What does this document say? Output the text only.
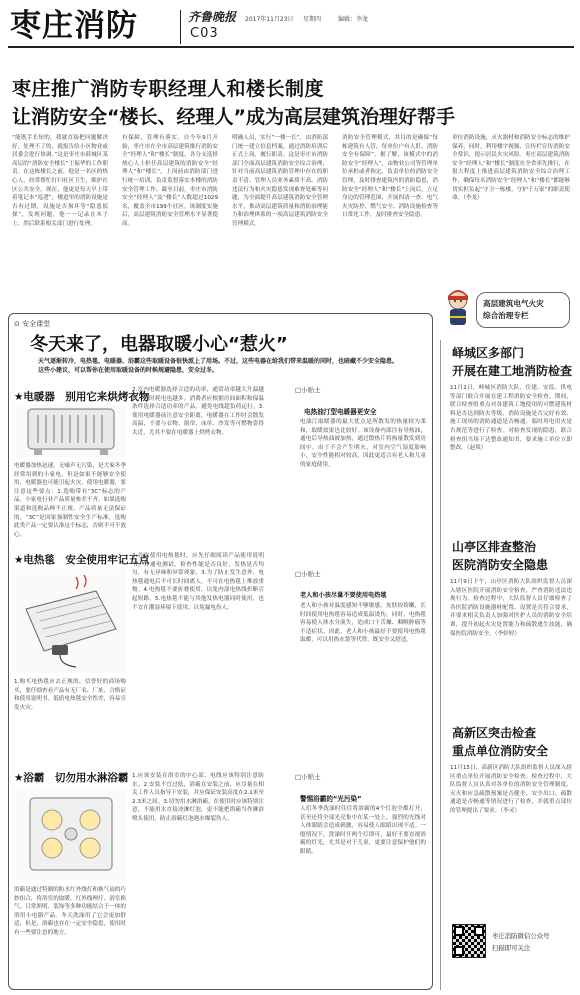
枣庄消防	齐鲁晚报
C03
2017年11月23日 星期四	编辑：李龙
枣庄推广消防专职经理人和楼长制度
让消防安全“楼长、经理人”成为高层建筑治理好帮手
“能既手长短的，我就直接把问题解决好；处理不了的，就报告给小区物业或居委会进行协调。”这是枣庄市薛城区某高层的“消防安全楼长”王振华的工作职责。在这栋楼长之前，他是一名区的热心人，经常帮忙打扫社区卫生，维护社区公共安全。现在，他更是每天早上带着笔记本“巡逻”，楼道里的消防设施是否有过期，设施是否损坏等“隐患侦探”，发现问题，他一一记录在本子上，然后联系相关部门进行处理。
有保障，管理有落实。自今年9月开始，枣庄市在全市高层建筑推行消防安全“经理人”和“楼长”制度。各分支选择热心人士担任高层建筑的消防安全“经理人”和“楼长”，上岗前由消防部门进行统一培训，负责监督落实本楼的消防安全管理工作。截至目前，枣庄市消防安全“经理人”及“楼长”人数超过1029名，覆盖全市199个社区。该制度实施后，高层建筑消防安全管理水平显著提高。
明确人员，实行“一楼一长”，由消防部门统一建立信息档案，通过消防培训后正式上岗，履行职责。这是枣庄市消防部门全面高层建筑消防安全综合治理，针对当前高层建筑消防管理中存在的职责不清、管理人员业务素质不高、消防违法行为和火灾隐患发现难查处难等问题，为全面提升高层建筑消防安全管理水平，推动高层建筑质量和消防治理能力和治理体系的一项高层建筑消防安全管理模式。
消防安全管理模式，其目的是确保“每栋建筑有人管，每单位户有人盯，消防安全有保障”。据了解，该模式中的消防安全“经理人”，由物业公司等管理单位承担或者指定，负责单位的消防安全管理，及时排查建筑内的消防隐患，消防安全“经理人”和“楼长”上岗后，立足身边的管理范围，开展四清一查、电气火灾防控、燃气安全、消防设施检查等日常化工作，及时排查安全隐患。
单位消防设施，灭火器材和消防安全标志的维护保养，同时，利用楼宇视频、宣传栏宣传消防安全常识，提示居民火灾风险。枣庄高层建筑消防安全“经理人”和“楼长”制度在全省率先推行，在很大程度上推进高层建筑消防安全综合治理工作，确保每名消防安全“经理人”和“楼长”都能够切实担负起“守卫一栋楼、守护千万家”的职责使命。（李龙）
高层建筑电气火灾
综合治理专栏
⊙ 安全课堂
冬天来了，电器取暖小心“惹火”
天气逐渐转冷，电热毯、电暖器、浴霸这些取暖设备很快派上了用场。不过，这些电器在给我们带来温暖的同时，也暗藏不少安全隐患。这些小建议，可以帮你在使用取暖设备的时候规避隐患，安全过冬。
★电暖器　别用它来烘烤衣物
电暖器加热迅速，无噪声无污染，是大家冬季经常用到的小家电。但是如果不能够安全使用，电暖器也可能引起火灾。使用电暖器，要注意这些要点：1.选购带有“3C”标志的产品。小家电行业产品质量参差不齐，如果选购渠道和选购品种不正规，产品质量无法保证的。“3C”是国家强制性安全生产标准，选购此类产品一定要认准这个标志，否则不可不放心。
2.室内电暖器选择合适的功率，通常功率越大升温越快，同时耗电也越多。消费者应根据房间面积和保温条件选择合适功率的产品，避免电线超负荷运行。3.使用电暖器前注意安全距离，电暖器在工作时会散发高温，不要与衣物、窗帘、床单、沙发等可燃物靠得太近，尤其不要在电暖器上烘烤衣物。
□小贴士
电热油汀型电暖器更安全
电油汀取暖器的最大优点是所散发的热量较为柔和，取暖效果也比较好。该设备内部注有导热油，通电后导热油被加热，通过散热片将热量散发到房间中。由于不会产生明火，对室内空气湿度影响小，安全性能相对较高，因此更适合有老人和儿童的家庭使用。
★电热毯　安全使用牢记五点
1.购买电热毯应去正规的、信誉好的商场购买，要仔细查看产品有无厂名、厂址、合格证和使用说明书。低质电热毯安全性差，容易引发火灾。
2.首次使用电热毯时，应先仔细阅读产品使用说明书，并通电测试，检查性能是否良好，发热是否均匀，有无异味和异常现象。3.为了防止发生意外，电热毯通电后不可长时间离人，不可在电热毯上堆放重物。4.电热毯不要折叠使用，以免内部电热线折断引起短路。5.电热毯不能与其他发热电器同时使用，也不宜在潮湿环境下使用，以免漏电伤人。
□小贴士
老人和小孩尽量不要使用电热毯
老人和小孩对温度感知不够敏感，皮肤较娇嫩，长时间使用电热毯容易造成低温烫伤。同时，电热毯容易使人体水分流失，造成口干舌燥、咽喉肿痛等不适症状。因此，老人和小孩最好不要使用电热毯取暖，可以用热水袋等代替，既安全又舒适。
★浴霸　切勿用水淋浴霸
浴霸是通过特制的防水红外线灯和换气扇的巧妙组合，将浴室的取暖、红外线理疗、浴室换气、日常照明、装饰等多种功能结合于一体的浴用小电器产品。冬天洗澡用了它会更加舒适，但是，浴霸也存在一定安全隐患，使用时有一些要注意的地方。
1.应该安装在浴室的中心部，电线应该特别注意防水。2.安装不宜过低，浴霸在安装之前，应尽量在相关工作人员指导下安装，并应保证安装高度在2.1米至2.3米之间。3.切勿用水淋浴霸。在使用时应该特别注意，不能用水直接浇淋灯泡，更不能把浴霸当作淋浴喷头使用，防止浴霸灯泡遇水爆裂伤人。
□小贴士
警惕浴霸的“光污染”
人们冬季洗澡时往往将浴霸的4个灯泡全都打开，甚至还将全部光亮集中在某一处上，强烈的光线对人体眼睛会造成刺激，容易使人眼睛出现不适。一般情况下，洗澡时开两个灯即可，最好不要直视浴霸的灯光，尤其是对于儿童，更要注意保护他们的眼睛。
峄城区多部门
开展在建工地消防检查
11月2日，峄城区消防大队、住建、安监、供电等部门联合开展在建工程消防安全检查。期间，联合检查组重点对各建筑工地使用的可燃建筑材料是否达到防火等级、消防设施是否完好有效、施工现场的消防通道是否畅通、临时用电用火是否规范等进行了检查。对检查发现的隐患，联合检查组当场下达整改通知书，要求施工单位立即整改。（赵琰）
山亭区排查整治
医院消防安全隐患
11月9日下午，山亭区消防大队组织监督人员深入辖区医院开展消防安全检查，严查消防违法违规行为。检查过程中，大队监督人员仔细检查了各医院消防设施器材配置、设置是否符合要求，并要求相关负责人加强对医护人员的消防安全培训，提升初起火灾处置能力和疏散逃生技能，确保医院消防安全。（李婷婷）
高新区突击检查
重点单位消防安全
11月15日，高新区消防大队组织监督人员深入辖区重点单位开展消防安全检查。检查过程中，大队监督人员认真对各单位的消防安全管理制度、灭火和应急疏散预案是否健全、安全出口、疏散通道是否畅通等情况进行了检查，并就重点部位的管理提出了要求。（李灵）
枣庄消防微信公众号
扫描即可关注
